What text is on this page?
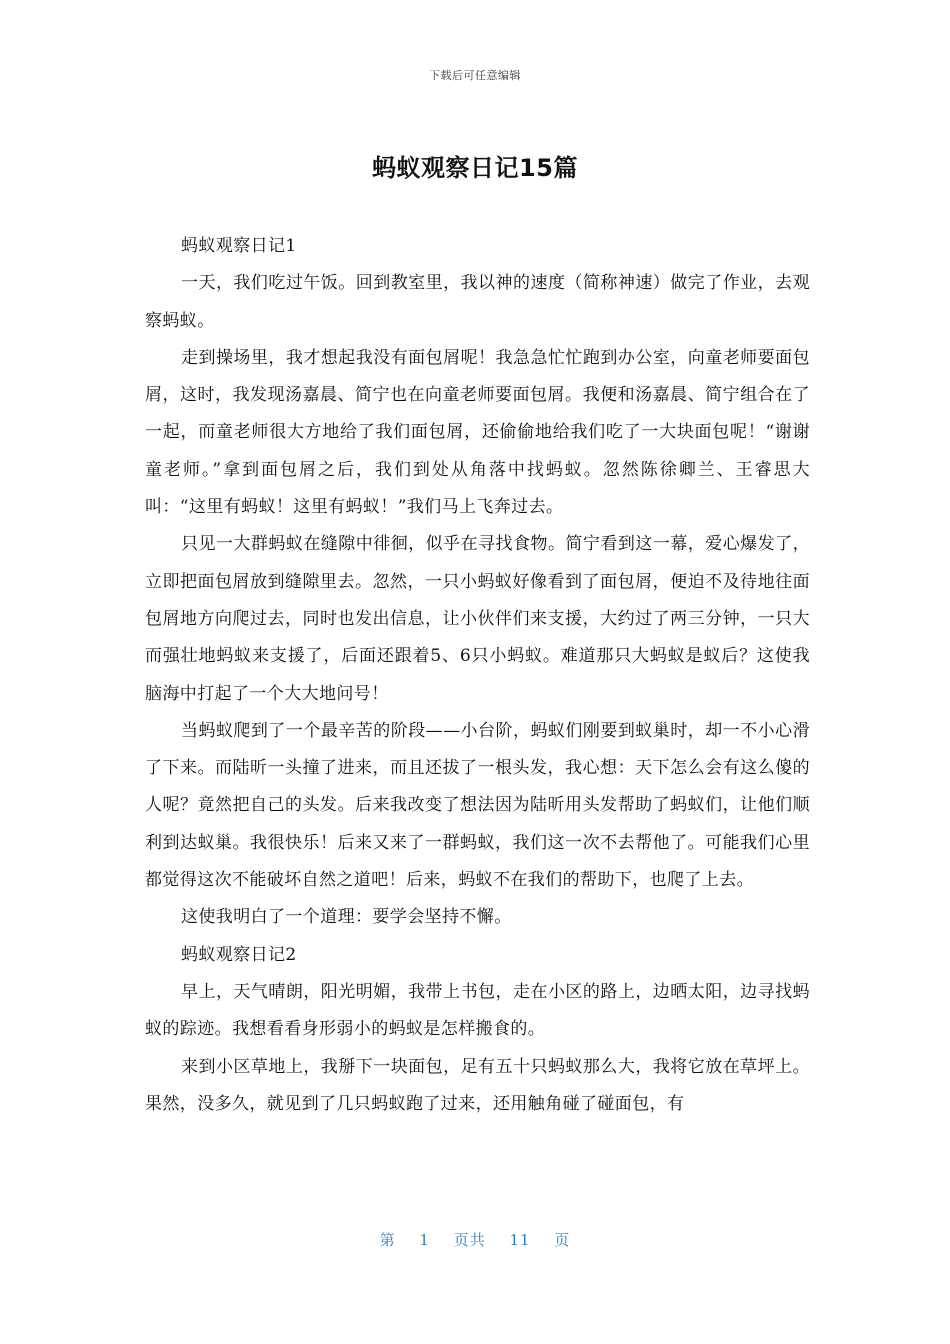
下载后可任意编辑
蚂蚁观察日记15篇

蚂蚁观察日记1

一天，我们吃过午饭。回到教室里，我以神的速度（简称神速）做完了作业，去观察蚂蚁。

走到操场里，我才想起我没有面包屑呢！我急急忙忙跑到办公室，向童老师要面包屑，这时，我发现汤嘉晨、简宁也在向童老师要面包屑。我便和汤嘉晨、简宁组合在了一起，而童老师很大方地给了我们面包屑，还偷偷地给我们吃了一大块面包呢！“谢谢童老师。”拿到面包屑之后，我们到处从角落中找蚂蚁。忽然陈徐卿兰、王睿思大叫：“这里有蚂蚁！这里有蚂蚁！”我们马上飞奔过去。

只见一大群蚂蚁在缝隙中徘徊，似乎在寻找食物。简宁看到这一幕，爱心爆发了，立即把面包屑放到缝隙里去。忽然，一只小蚂蚁好像看到了面包屑，便迫不及待地往面包屑地方向爬过去，同时也发出信息，让小伙伴们来支援，大约过了两三分钟，一只大而强壮地蚂蚁来支援了，后面还跟着5、6只小蚂蚁。难道那只大蚂蚁是蚁后？这使我脑海中打起了一个大大地问号！

当蚂蚁爬到了一个最辛苦的阶段——小台阶，蚂蚁们刚要到蚁巢时，却一不小心滑了下来。而陆昕一头撞了进来，而且还拔了一根头发，我心想：天下怎么会有这么傻的人呢？竟然把自己的头发。后来我改变了想法因为陆昕用头发帮助了蚂蚁们，让他们顺利到达蚁巢。我很快乐！后来又来了一群蚂蚁，我们这一次不去帮他了。可能我们心里都觉得这次不能破坏自然之道吧！后来，蚂蚁不在我们的帮助下，也爬了上去。

这使我明白了一个道理：要学会坚持不懈。

蚂蚁观察日记2

早上，天气晴朗，阳光明媚，我带上书包，走在小区的路上，边晒太阳，边寻找蚂蚁的踪迹。我想看看身形弱小的蚂蚁是怎样搬食的。

来到小区草地上，我掰下一块面包，足有五十只蚂蚁那么大，我将它放在草坪上。果然，没多久，就见到了几只蚂蚁跑了过来，还用触角碰了碰面包，有

第 1 页共 11 页
